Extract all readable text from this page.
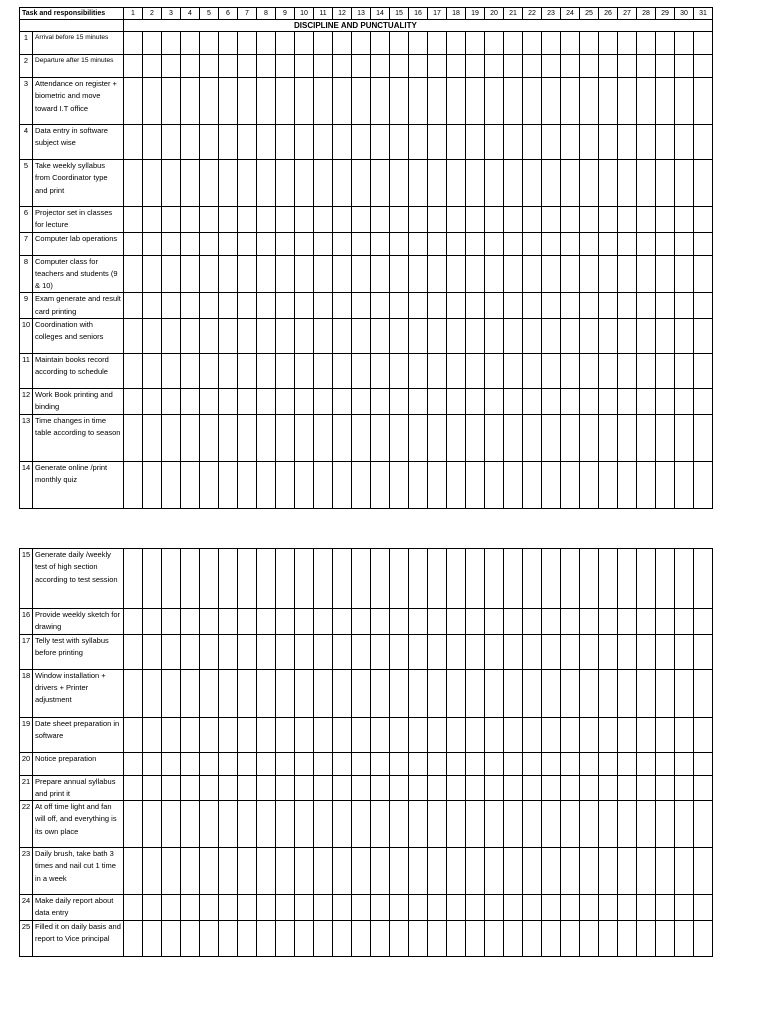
Task and responsibilities		1	2	3	4	5	6	7	8	9	10	11	12	13	14	15	16	17	18	19	20	21	22	23	24	25	26	27	28	29	30	31
		DISCIPLINE AND PUNCTUALITY																														
1	Arrival before 15 minutes																															
2	Departure after 15 minutes																															
3	Attendance on register + biometric and move toward I.T office																															
4	Data entry in software subject wise																															
5	Take weekly syllabus from Coordinator type and print																															
6	Projector set in classes for lecture																															
7	Computer lab operations																															
8	Computer class for teachers and students (9 & 10)																															
9	Exam generate and result card printing																															
10	Coordination with colleges and seniors																															
11	Maintain books record according to schedule																															
12	Work Book printing and binding																															
13	Time changes in time table according to season																															
14	Generate online /print monthly quiz																															
15	Generate daily /weekly test of high section according to test session																															
16	Provide weekly sketch for drawing																															
17	Telly test with syllabus before printing																															
18	Window installation + drivers + Printer adjustment																															
19	Date sheet preparation in software																															
20	Notice preparation																															
21	Prepare annual syllabus and print it																															
22	At off time light and fan will off, and everything is its own place																															
23	Daily brush, take bath 3 times and nail cut 1 time in a week																															
24	Make daily report about data entry																															
25	Filled it on daily basis and report to Vice principal																															
